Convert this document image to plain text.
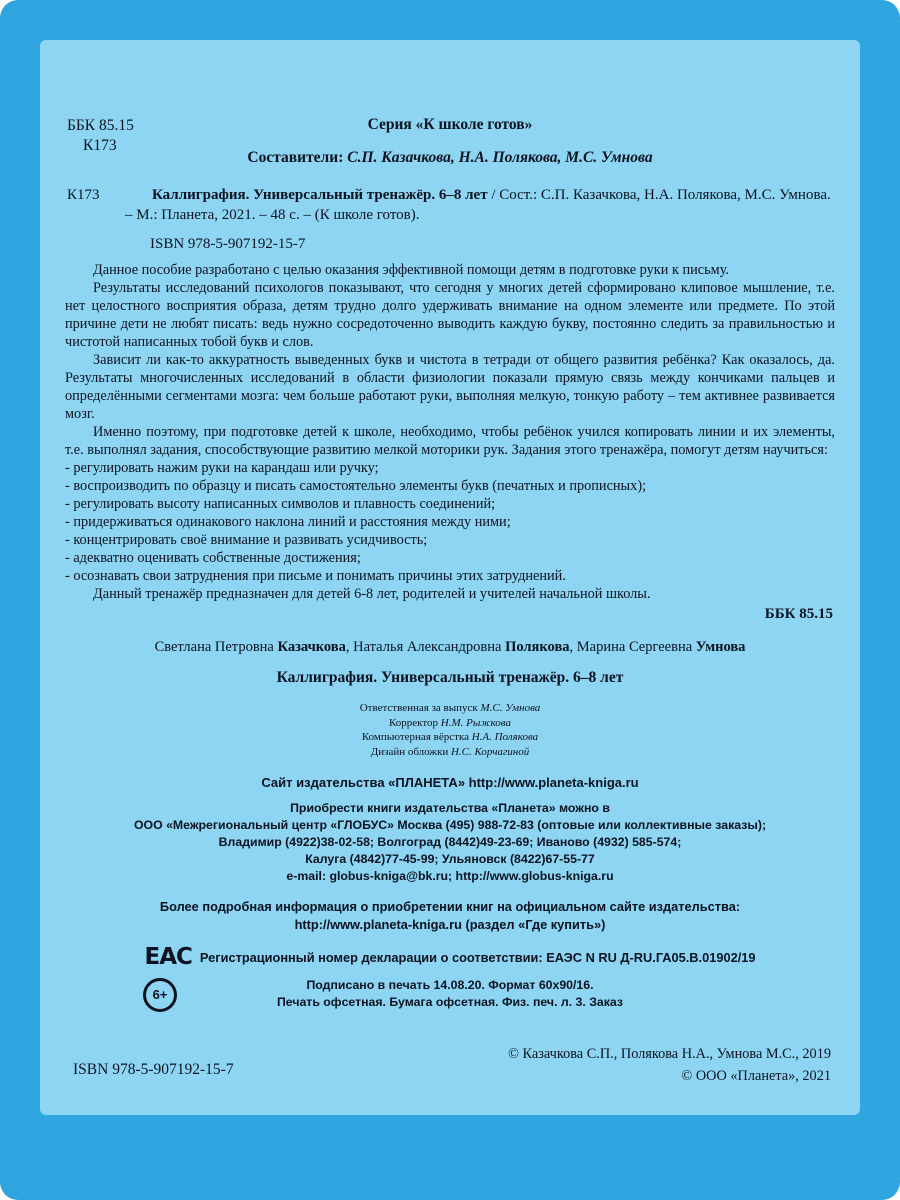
ББК 85.15
К173
Серия «К школе готов»
Составители: С.П. Казачкова, Н.А. Полякова, М.С. Умнова
К173	Каллиграфия. Универсальный тренажёр. 6–8 лет / Сост.: С.П. Казачкова, Н.А. Полякова, М.С. Умнова. – М.: Планета, 2021. – 48 с. – (К школе готов).

ISBN 978-5-907192-15-7

Данное пособие разработано с целью оказания эффективной помощи детям в подготовке руки к письму.

Результаты исследований психологов показывают, что сегодня у многих детей сформировано клиповое мышление, т.е. нет целостного восприятия образа, детям трудно долго удерживать внимание на одном элементе или предмете. По этой причине дети не любят писать: ведь нужно сосредоточенно выводить каждую букву, постоянно следить за правильностью и чистотой написанных тобой букв и слов.

Зависит ли как-то аккуратность выведенных букв и чистота в тетради от общего развития ребёнка? Как оказалось, да. Результаты многочисленных исследований в области физиологии показали прямую связь между кончиками пальцев и определёнными сегментами мозга: чем больше работают руки, выполняя мелкую, тонкую работу – тем активнее развивается мозг.

Именно поэтому, при подготовке детей к школе, необходимо, чтобы ребёнок учился копировать линии и их элементы, т.е. выполнял задания, способствующие развитию мелкой моторики рук. Задания этого тренажёра, помогут детям научиться:

- регулировать нажим руки на карандаш или ручку;
- воспроизводить по образцу и писать самостоятельно элементы букв (печатных и прописных);
- регулировать высоту написанных символов и плавность соединений;
- придерживаться одинакового наклона линий и расстояния между ними;
- концентрировать своё внимание и развивать усидчивость;
- адекватно оценивать собственные достижения;
- осознавать свои затруднения при письме и понимать причины этих затруднений.

Данный тренажёр предназначен для детей 6-8 лет, родителей и учителей начальной школы.

ББК 85.15
Светлана Петровна Казачкова, Наталья Александровна Полякова, Марина Сергеевна Умнова
Каллиграфия. Универсальный тренажёр. 6–8 лет
Ответственная за выпуск М.С. Умнова
Корректор Н.М. Рыжкова
Компьютерная вёрстка Н.А. Полякова
Дизайн обложки Н.С. Корчагиной
Сайт издательства «ПЛАНЕТА» http://www.planeta-kniga.ru
Приобрести книги издательства «Планета» можно в
ООО «Межрегиональный центр «ГЛОБУС» Москва (495) 988-72-83 (оптовые или коллективные заказы);
Владимир (4922)38-02-58; Волгоград (8442)49-23-69; Иваново (4932) 585-574;
Калуга (4842)77-45-99; Ульяновск (8422)67-55-77
e-mail: globus-kniga@bk.ru; http://www.globus-kniga.ru
Более подробная информация о приобретении книг на официальном сайте издательства:
http://www.planeta-kniga.ru (раздел «Где купить»)
ЕАС Регистрационный номер декларации о соответствии: ЕАЭС N RU Д-RU.ГА05.В.01902/19
6+
Подписано в печать 14.08.20. Формат 60х90/16.
Печать офсетная. Бумага офсетная. Физ. печ. л. 3. Заказ
ISBN 978-5-907192-15-7
© Казачкова С.П., Полякова Н.А., Умнова М.С., 2019
© ООО «Планета», 2021
